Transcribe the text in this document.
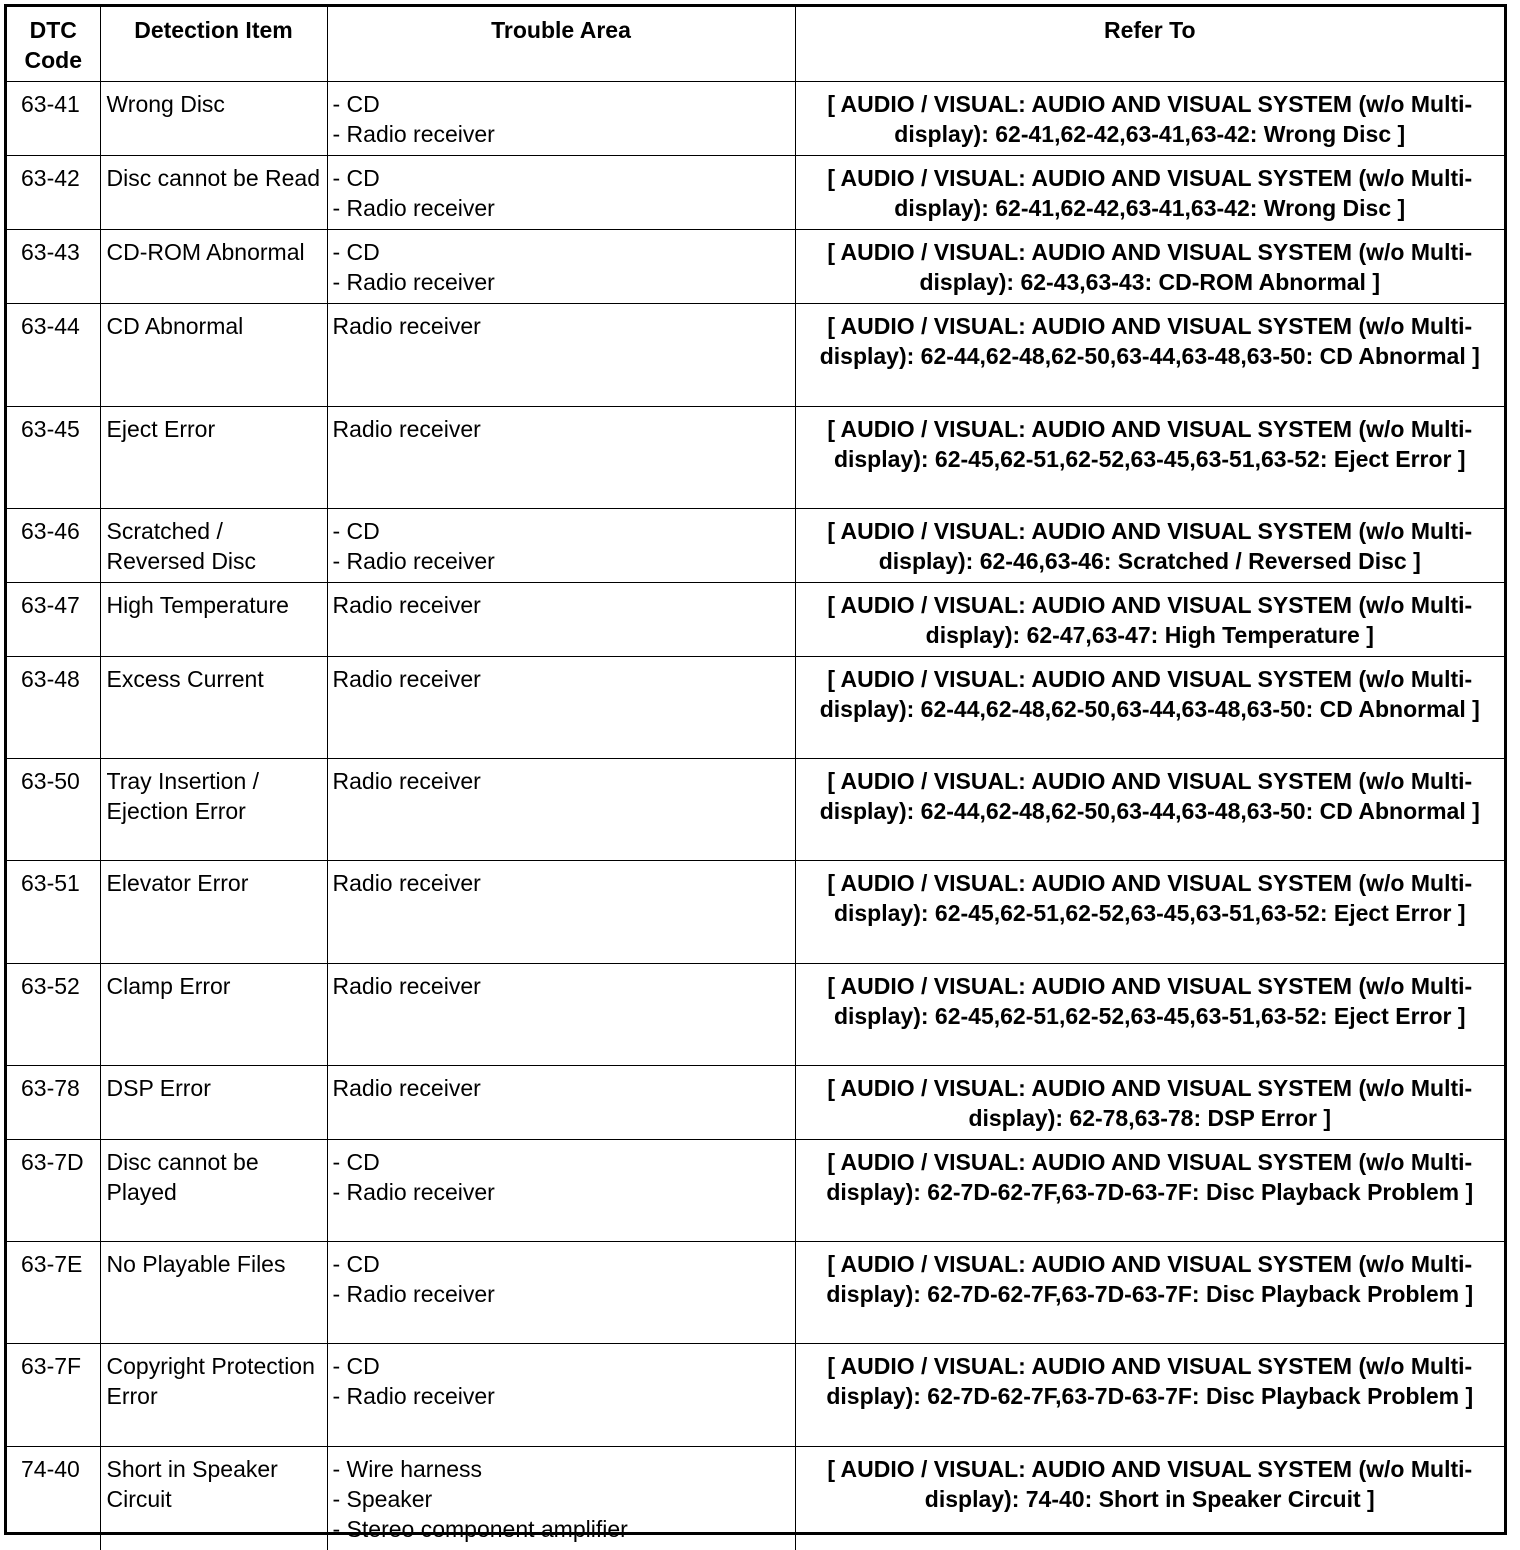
DTC Code	Detection Item	Trouble Area	Refer To
63-41	Wrong Disc	- CD
- Radio receiver	[ AUDIO / VISUAL: AUDIO AND VISUAL SYSTEM (w/o Multi-display): 62-41,62-42,63-41,63-42: Wrong Disc ]
63-42	Disc cannot be Read	- CD
- Radio receiver	[ AUDIO / VISUAL: AUDIO AND VISUAL SYSTEM (w/o Multi-display): 62-41,62-42,63-41,63-42: Wrong Disc ]
63-43	CD-ROM Abnormal	- CD
- Radio receiver	[ AUDIO / VISUAL: AUDIO AND VISUAL SYSTEM (w/o Multi-display): 62-43,63-43: CD-ROM Abnormal ]
63-44	CD Abnormal	Radio receiver	[ AUDIO / VISUAL: AUDIO AND VISUAL SYSTEM (w/o Multi-display): 62-44,62-48,62-50,63-44,63-48,63-50: CD Abnormal ]
63-45	Eject Error	Radio receiver	[ AUDIO / VISUAL: AUDIO AND VISUAL SYSTEM (w/o Multi-display): 62-45,62-51,62-52,63-45,63-51,63-52: Eject Error ]
63-46	Scratched / Reversed Disc	- CD
- Radio receiver	[ AUDIO / VISUAL: AUDIO AND VISUAL SYSTEM (w/o Multi-display): 62-46,63-46: Scratched / Reversed Disc ]
63-47	High Temperature	Radio receiver	[ AUDIO / VISUAL: AUDIO AND VISUAL SYSTEM (w/o Multi-display): 62-47,63-47: High Temperature ]
63-48	Excess Current	Radio receiver	[ AUDIO / VISUAL: AUDIO AND VISUAL SYSTEM (w/o Multi-display): 62-44,62-48,62-50,63-44,63-48,63-50: CD Abnormal ]
63-50	Tray Insertion / Ejection Error	Radio receiver	[ AUDIO / VISUAL: AUDIO AND VISUAL SYSTEM (w/o Multi-display): 62-44,62-48,62-50,63-44,63-48,63-50: CD Abnormal ]
63-51	Elevator Error	Radio receiver	[ AUDIO / VISUAL: AUDIO AND VISUAL SYSTEM (w/o Multi-display): 62-45,62-51,62-52,63-45,63-51,63-52: Eject Error ]
63-52	Clamp Error	Radio receiver	[ AUDIO / VISUAL: AUDIO AND VISUAL SYSTEM (w/o Multi-display): 62-45,62-51,62-52,63-45,63-51,63-52: Eject Error ]
63-78	DSP Error	Radio receiver	[ AUDIO / VISUAL: AUDIO AND VISUAL SYSTEM (w/o Multi-display): 62-78,63-78: DSP Error ]
63-7D	Disc cannot be Played	- CD
- Radio receiver	[ AUDIO / VISUAL: AUDIO AND VISUAL SYSTEM (w/o Multi-display): 62-7D-62-7F,63-7D-63-7F: Disc Playback Problem ]
63-7E	No Playable Files	- CD
- Radio receiver	[ AUDIO / VISUAL: AUDIO AND VISUAL SYSTEM (w/o Multi-display): 62-7D-62-7F,63-7D-63-7F: Disc Playback Problem ]
63-7F	Copyright Protection Error	- CD
- Radio receiver	[ AUDIO / VISUAL: AUDIO AND VISUAL SYSTEM (w/o Multi-display): 62-7D-62-7F,63-7D-63-7F: Disc Playback Problem ]
74-40	Short in Speaker Circuit	- Wire harness
- Speaker
- Stereo component amplifier	[ AUDIO / VISUAL: AUDIO AND VISUAL SYSTEM (w/o Multi-display): 74-40: Short in Speaker Circuit ]
